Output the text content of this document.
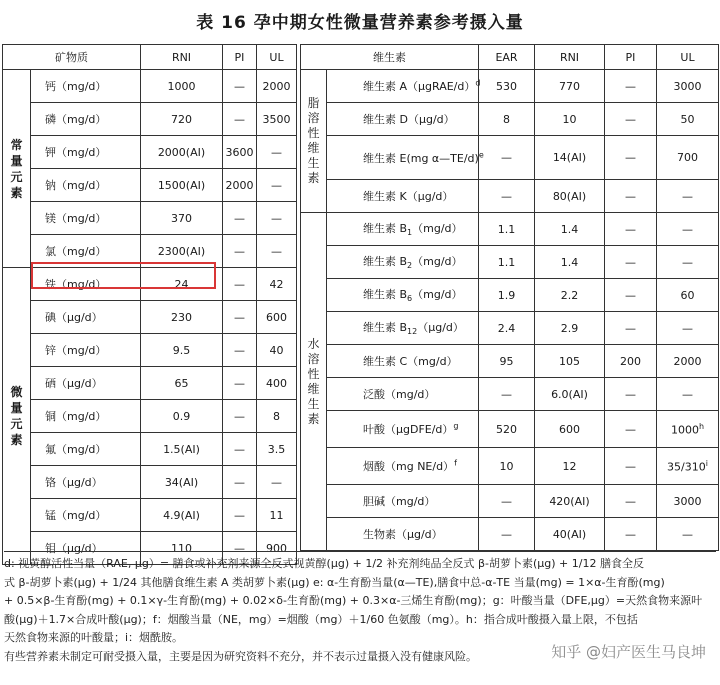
表 16 孕中期女性微量营养素参考摄入量
矿物质		RNI	PI	UL
常量元素	钙（mg/d）	1000	—	2000
	磷（mg/d）	720	—	3500
	钾（mg/d）	2000(AI)	3600	—
	钠（mg/d）	1500(AI)	2000	—
	镁（mg/d）	370	—	—
	氯（mg/d）	2300(AI)	—	—
微量元素	铁（mg/d）	24	—	42
	碘（μg/d）	230	—	600
	锌（mg/d）	9.5	—	40
	硒（μg/d）	65	—	400
	铜（mg/d）	0.9	—	8
	氟（mg/d）	1.5(AI)	—	3.5
	铬（μg/d）	34(AI)	—	—
	锰（mg/d）	4.9(AI)	—	11
	钼（μg/d）	110	—	900
维生素		EAR	RNI	PI	UL
脂溶性维生素	维生素 A（μgRAE/d）$^d$	530	770	—	3000
	维生素 D（μg/d）	8	10	—	50
	维生素 E(mg α—TE/d)$^e$	—	14(AI)	—	700
	维生素 K（μg/d）	—	80(AI)	—	—
水溶性维生素	维生素 $B_1(mg/d)$	1.1	1.4	—	—
	维生素 $B_2(mg/d)$	1.1	1.4	—	—
	维生素 $B_6(mg/d)$	1.9	2.2	—	60
	维生素 $B_{12}(\mu g/d)$	2.4	2.9	—	—
	维生素 C（mg/d）	95	105	200	2000
	泛酸（mg/d）	—	6.0(AI)	—	—
	叶酸（μgDFE/d）$^g$	520	600	—	1000$^h$
	烟酸（mg NE/d）$^f$	10	12	—	35/310$^i$
	胆碱（mg/d）	—	420(AI)	—	3000
	生物素（μg/d）	—	40(AI)	—	—

d: 视黄醇活性当量（RAE, μg）= 膳食或补充剂来源全反式视黄醇(μg) + 1/2 补充剂纯品全反式 β-胡萝卜素(μg) + 1/12 膳食全反

式 β-胡萝卜素(μg) + 1/24 其他膳食维生素 A 类胡萝卜素(μg) e: α-生育酚当量(α—TE),膳食中总-α-TE 当量(mg) = 1×α-生育酚(mg)

+ 0.5×β-生育酚(mg) + 0.1×γ-生育酚(mg) + 0.02×δ-生育酚(mg) + 0.3×α-三烯生育酚(mg)；g：叶酸当量（DFE,μg）=天然食物来源叶

酸(μg)＋1.7×合成叶酸(μg)；f：烟酸当量（NE，mg）=烟酸（mg）＋1/60 色氨酸（mg）。h：指合成叶酸摄入量上限，不包括

天然食物来源的叶酸量；i：烟酰胺。

有些营养素未制定可耐受摄入量，主要是因为研究资料不充分，并不表示过量摄入没有健康风险。	知乎 @妇产医生马良坤
